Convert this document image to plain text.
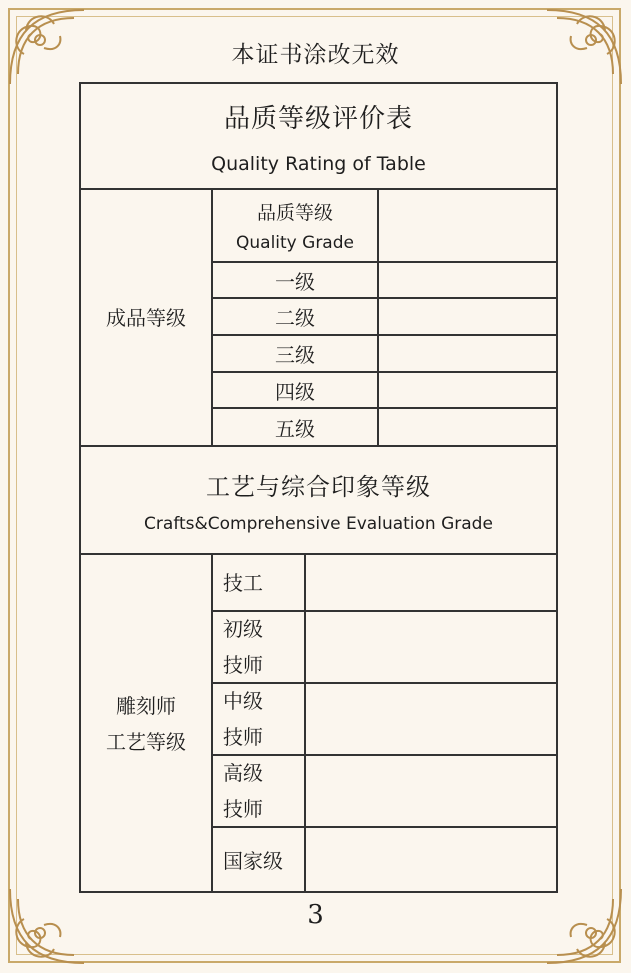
本证书涂改无效
品质等级评价表
Quality Rating of Table
成品等级
品质等级
Quality Grade
一级
二级
三级
四级
五级
工艺与综合印象等级
Crafts&Comprehensive Evaluation Grade
雕刻师
工艺等级
技工
初级
技师
中级
技师
高级
技师
国家级
3
